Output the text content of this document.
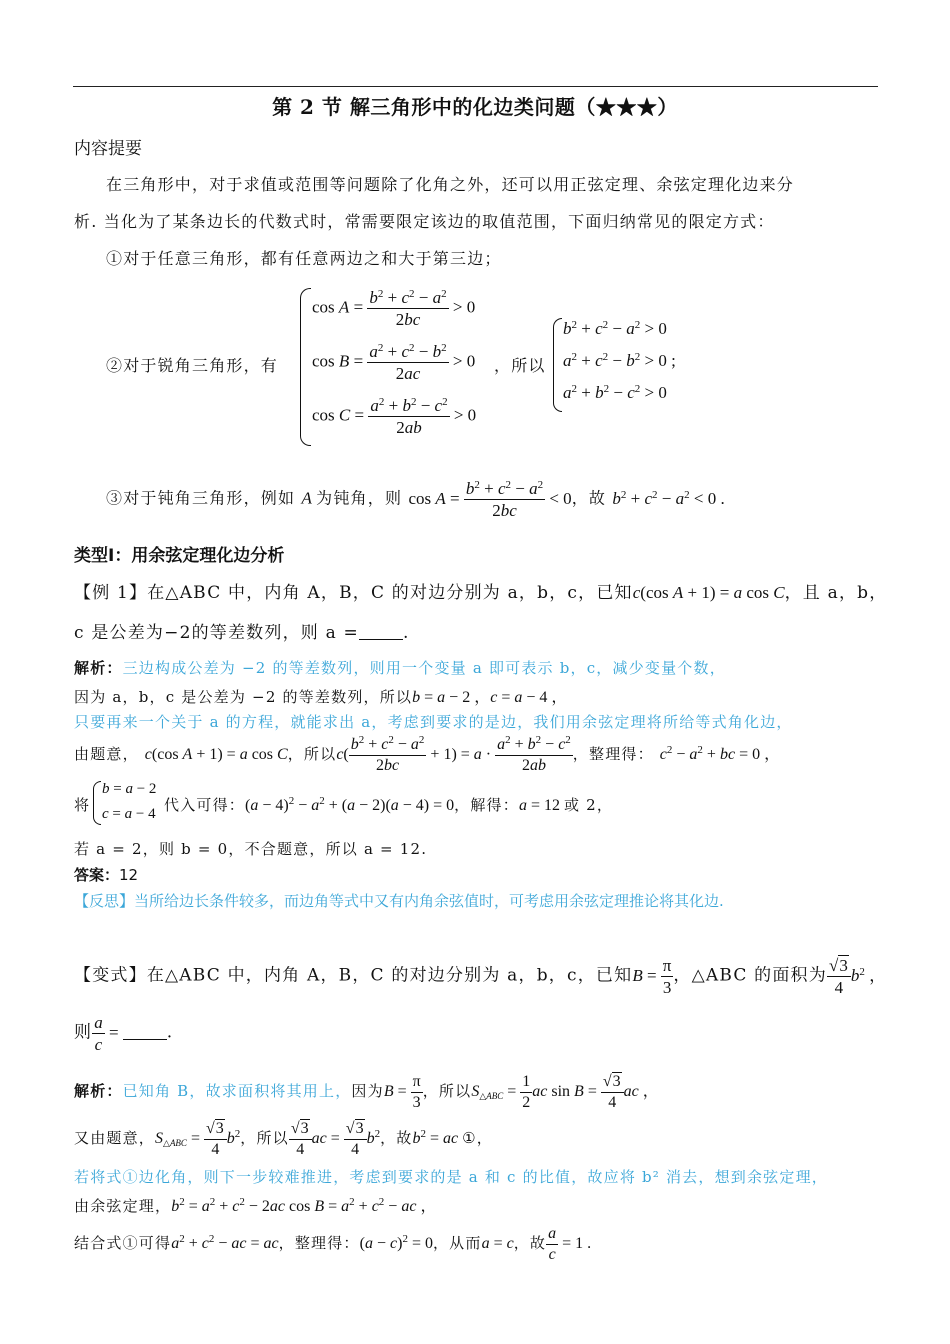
第 2 节 解三角形中的化边类问题（★★★）
内容提要
在三角形中，对于求值或范围等问题除了化角之外，还可以用正弦定理、余弦定理化边来分
析. 当化为了某条边长的代数式时，常需要限定该边的取值范围，下面归纳常见的限定方式：
①对于任意三角形，都有任意两边之和大于第三边；
②对于锐角三角形，有
$\cos A = \frac{b^2 + c^2 - a^2}{2bc} > 0$
$\cos B = \frac{a^2 + c^2 - b^2}{2ac} > 0$
$\cos C = \frac{a^2 + b^2 - c^2}{2ab} > 0$
，所以
$b^2 + c^2 - a^2 > 0$
$a^2 + c^2 - b^2 > 0$ ;
$a^2 + b^2 - c^2 > 0$
③对于钝角三角形，例如 A 为钝角，则 $\cos A = \frac{b^2 + c^2 - a^2}{2bc} < 0$，故 $b^2 + c^2 - a^2 < 0$ .
类型Ⅰ：用余弦定理化边分析
【例 1】在△ABC 中，内角 A，B，C 的对边分别为 a，b，c，已知c(cos A + 1) = a cos C，且 a，b，
c 是公差为−2的等差数列，则 a =	.
解析：三边构成公差为 −2 的等差数列，则用一个变量 a 即可表示 b，c，减少变量个数，
因为 a，b，c 是公差为 −2 的等差数列，所以b = a − 2 ，c = a − 4 ，
只要再来一个关于 a 的方程，就能求出 a，考虑到要求的是边，我们用余弦定理将所给等式角化边，
由题意， c(cos A + 1) = a cos C，所以$c( \frac{b^2 + c^2 - a^2}{2bc} + 1) = a \cdot \frac{a^2 + b^2 - c^2}{2ab}$ ，整理得： $c^2 - a^2$ + bc = 0 ，
将
b = a − 2
c = a − 4 代入可得：$(a - 4)^2 - a^2 + (a - 2)(a - 4) = 0$，解得：a = 12 或 2，
若 a = 2，则 b = 0，不合题意，所以 a = 12.
答案：12
【反思】当所给边长条件较多，而边角等式中又有内角余弦值时，可考虑用余弦定理推论将其化边.
【变式】在△ABC 中，内角 A，B，C 的对边分别为 a，b，c，已知$B = \frac{\pi}{3}$ ，△ABC 的面积为 $\frac{√3}{4} b^2$ ，
则 $\frac{a}{c}$ =	.
解析：已知角 B，故求面积将其用上，因为$B = \frac{\pi}{3}$ ，所以$S_{\triangle ABC} = \frac{1}{2}$ ac $\sin B = \frac{√3}{4}$ ac ，
又由题意，$S_{\triangle ABC} = \frac{√3}{4} b^2$，所以 $\frac{√3}{4}$ ac = $\frac{√3}{4} b^2$，故$b^2$ = ac ①，
若将式①边化角，则下一步较难推进，考虑到要求的是 a 和 c 的比值，故应将 b² 消去，想到余弦定理，
由余弦定理，$b^2 = a^2 + c^2 - 2ac$ $\cos B = a^2 + c^2$ − ac ，
结合式①可得$a^2 + c^2$ − ac = ac，整理得：$(a - c)^2 = 0$，从而a = c，故 $\frac{a}{c} = 1$ .
